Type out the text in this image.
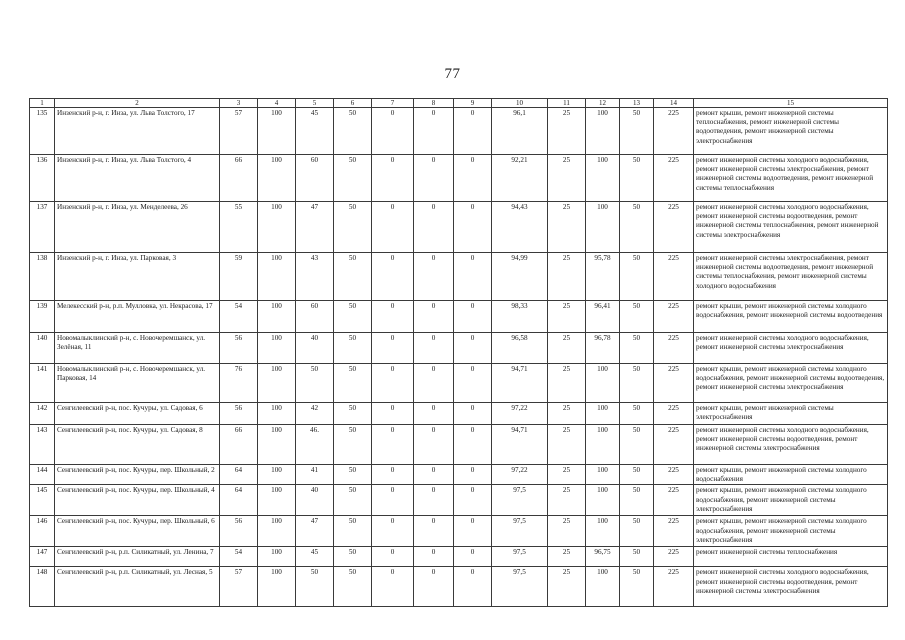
77
1	2	3	4	5	6	7	8	9	10	11	12	13	14	15
135	Инзенский р-н, г. Инза, ул. Льва Толстого, 17	57	100	45	50	0	0	0	96,1	25	100	50	225	ремонт крыши, ремонт инженерной системы теплоснабжения, ремонт инженерной системы водоотведения, ремонт инженерной системы электроснабжения
136	Инзенский р-н, г. Инза, ул. Льва Толстого, 4	66	100	60	50	0	0	0	92,21	25	100	50	225	ремонт инженерной системы холодного водоснабжения, ремонт инженерной системы электроснабжения, ремонт инженерной системы водоотведения, ремонт инженерной системы теплоснабжения
137	Инзенский р-н, г. Инза, ул. Менделеева, 26	55	100	47	50	0	0	0	94,43	25	100	50	225	ремонт инженерной системы холодного водоснабжения, ремонт инженерной системы водоотведения, ремонт инженерной системы теплоснабжения, ремонт инженерной системы электроснабжения
138	Инзенский р-н, г. Инза, ул. Парковая, 3	59	100	43	50	0	0	0	94,99	25	95,78	50	225	ремонт инженерной системы электроснабжения, ремонт инженерной системы водоотведения, ремонт инженерной системы теплоснабжения, ремонт инженерной системы холодного водоснабжения
139	Мелекесский р-н, р.п. Мулловка, ул. Некрасова, 17	54	100	60	50	0	0	0	98,33	25	96,41	50	225	ремонт крыши, ремонт инженерной системы холодного водоснабжения, ремонт инженерной системы водоотведения
140	Новомалыклинский р-н, с. Новочеремшанск, ул. Зелёная, 11	56	100	40	50	0	0	0	96,58	25	96,78	50	225	ремонт инженерной системы холодного водоснабжения, ремонт инженерной системы электроснабжения
141	Новомалыклинский р-н, с. Новочеремшанск, ул. Парковая, 14	76	100	50	50	0	0	0	94,71	25	100	50	225	ремонт крыши, ремонт инженерной системы холодного водоснабжения, ремонт инженерной системы водоотведения, ремонт инженерной системы электроснабжения
142	Сенгилеевский р-н, пос. Кучуры, ул. Садовая, 6	56	100	42	50	0	0	0	97,22	25	100	50	225	ремонт крыши, ремонт инженерной системы электроснабжения
143	Сенгилеевский р-н, пос. Кучуры, ул. Садовая, 8	66	100	46.	50	0	0	0	94,71	25	100	50	225	ремонт инженерной системы холодного водоснабжения, ремонт инженерной системы водоотведения, ремонт инженерной системы электроснабжения
144	Сенгилеевский р-н, пос. Кучуры, пер. Школьный, 2	64	100	41	50	0	0	0	97,22	25	100	50	225	ремонт крыши, ремонт инженерной системы холодного водоснабжения
145	Сенгилеевский р-н, пос. Кучуры, пер. Школьный, 4	64	100	40	50	0	0	0	97,5	25	100	50	225	ремонт крыши, ремонт инженерной системы холодного водоснабжения, ремонт инженерной системы электроснабжения
146	Сенгилеевский р-н, пос. Кучуры, пер. Школьный, 6	56	100	47	50	0	0	0	97,5	25	100	50	225	ремонт крыши, ремонт инженерной системы холодного водоснабжения, ремонт инженерной системы электроснабжения
147	Сенгилеевский р-н, р.п. Силикатный, ул. Ленина, 7	54	100	45	50	0	0	0	97,5	25	96,75	50	225	ремонт инженерной системы теплоснабжения
148	Сенгилеевский р-н, р.п. Силикатный, ул. Лесная, 5	57	100	50	50	0	0	0	97,5	25	100	50	225	ремонт инженерной системы холодного водоснабжения, ремонт инженерной системы водоотведения, ремонт инженерной системы электроснабжения
